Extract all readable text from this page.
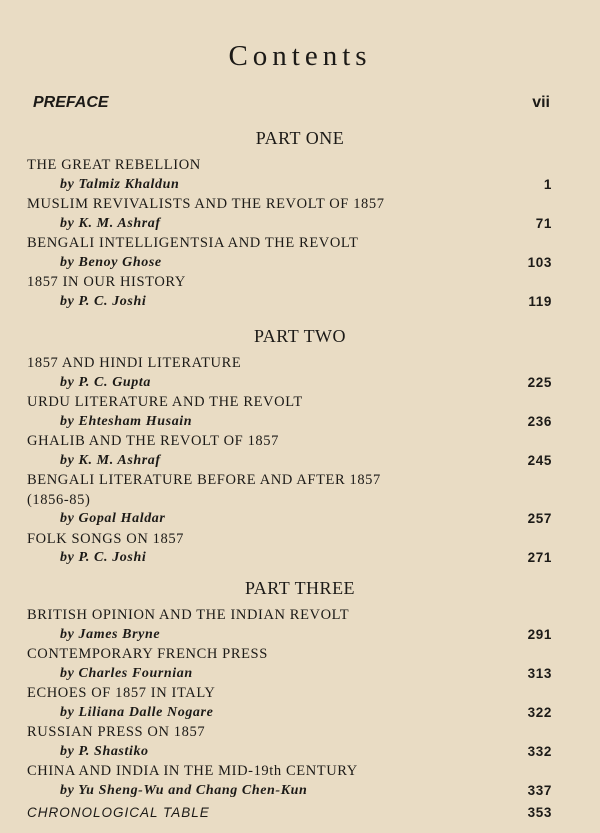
Contents
PREFACE	vii
PART ONE
THE GREAT REBELLION
by Talmiz Khaldun	1
MUSLIM REVIVALISTS AND THE REVOLT OF 1857
by K. M. Ashraf	71
BENGALI INTELLIGENTSIA AND THE REVOLT
by Benoy Ghose	103
1857 IN OUR HISTORY
by P. C. Joshi	119
PART TWO
1857 AND HINDI LITERATURE
by P. C. Gupta	225
URDU LITERATURE AND THE REVOLT
by Ehtesham Husain	236
GHALIB AND THE REVOLT OF 1857
by K. M. Ashraf	245
BENGALI LITERATURE BEFORE AND AFTER 1857
(1856-85)
by Gopal Haldar	257
FOLK SONGS ON 1857
by P. C. Joshi	271
PART THREE
BRITISH OPINION AND THE INDIAN REVOLT
by James Bryne	291
CONTEMPORARY FRENCH PRESS
by Charles Fournian	313
ECHOES OF 1857 IN ITALY
by Liliana Dalle Nogare	322
RUSSIAN PRESS ON 1857
by P. Shastiko	332
CHINA AND INDIA IN THE MID-19th CENTURY
by Yu Sheng-Wu and Chang Chen-Kun	337
CHRONOLOGICAL TABLE	353
